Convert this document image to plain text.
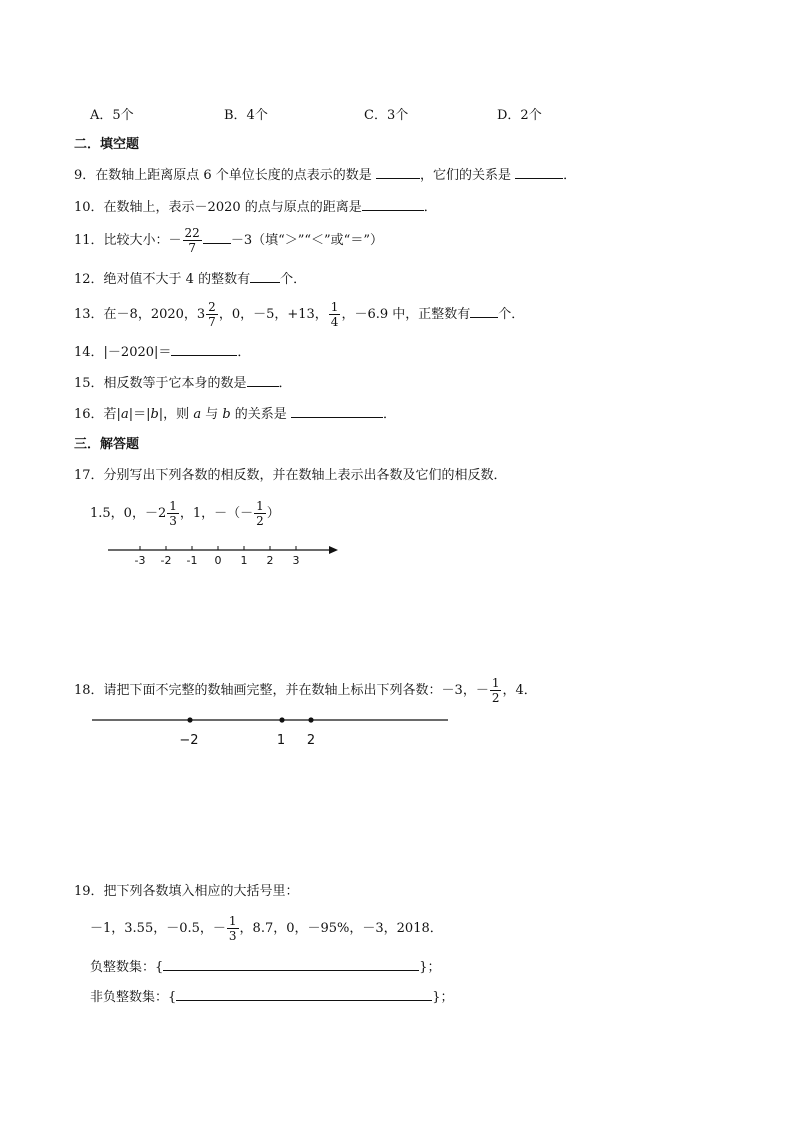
A．5个	B．4个	C．3个	D．2个
二．填空题
9．在数轴上距离原点 6 个单位长度的点表示的数是	，它们的关系是	．
10．在数轴上，表示－2020 的点与原点的距离是	．
11．比较大小：－ $\frac{22}{7} -3$（填“＞”“＜”或“＝”）
12．绝对值不大于 4 的整数有 个．
13．在－8，2020，$3 \frac{2}{7}$ ，0，－5，+13， $\frac{1}{4}$ ，－6.9 中，正整数有 个．
14．|－2020|＝	．
15．相反数等于它本身的数是 ．
16．若|a|＝|b|，则 a 与 b 的关系是	．
三．解答题
17．分别写出下列各数的相反数，并在数轴上表示出各数及它们的相反数．
1.5，0，$-2 \frac{1}{3}$ ，1，－（－ $\frac{1}{2}$ ）
-3 -2 -1 0 1 2 3
18．请把下面不完整的数轴画完整，并在数轴上标出下列各数：－3，－ $\frac{1}{2}$ ，4．
−2	1 2
19．把下列各数填入相应的大括号里：
－1，3.55，－0.5，－ $\frac{1}{3}$ ，8.7，0，－95%，－3，2018．
负整数集：{	}；
非负整数集：{	}；
